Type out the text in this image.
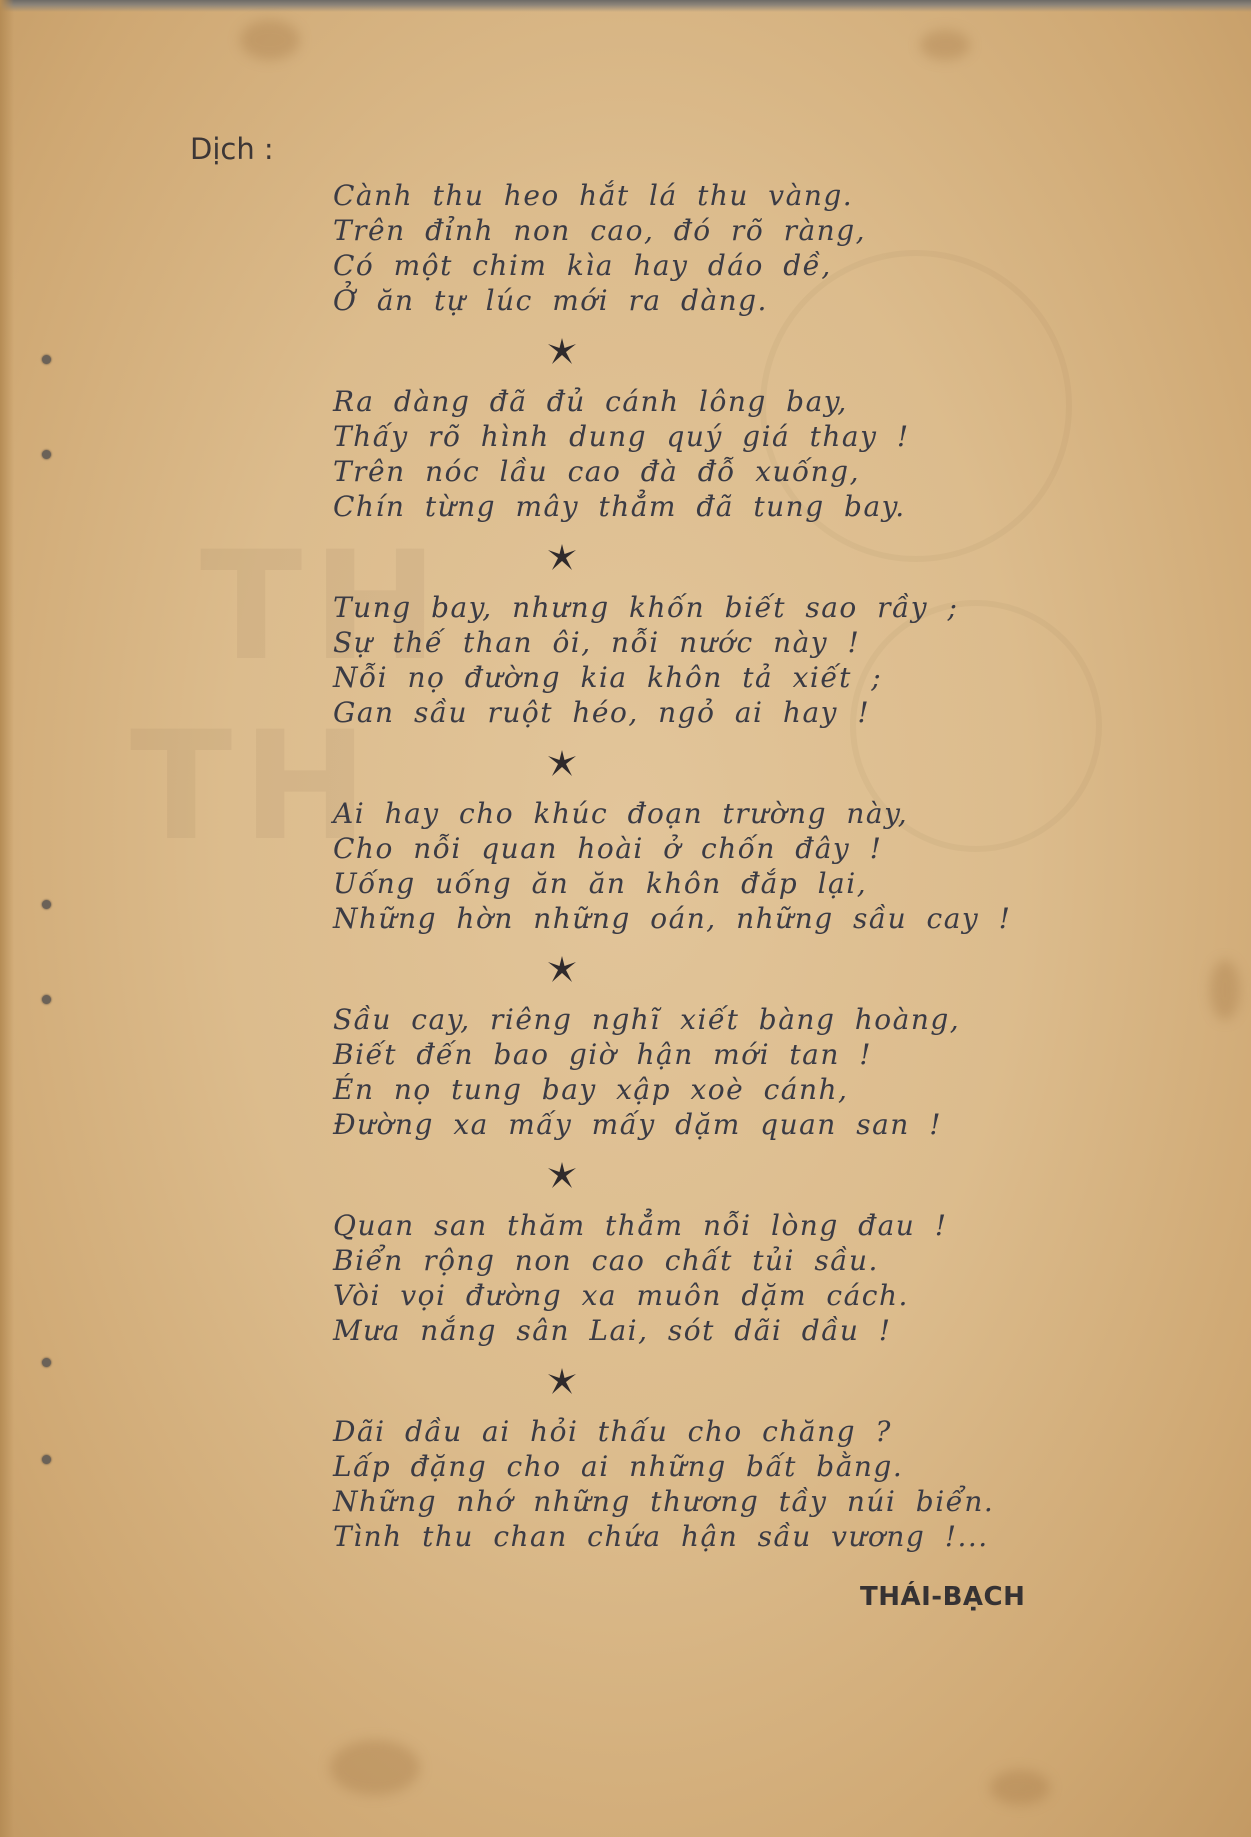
TH
TH
Dịch :
Cành thu heo hắt lá thu vàng.
Trên đỉnh non cao, đó rõ ràng,
Có một chim kìa hay dáo dề,
Ở ăn tự lúc mới ra dàng.
Ra dàng đã đủ cánh lông bay,
Thấy rõ hình dung quý giá thay !
Trên nóc lầu cao đà đỗ xuống,
Chín từng mây thẳm đã tung bay.
Tung bay, nhưng khốn biết sao rầy ;
Sự thế than ôi, nỗi nước này !
Nỗi nọ đường kia khôn tả xiết ;
Gan sầu ruột héo, ngỏ ai hay !
Ai hay cho khúc đoạn trường này,
Cho nỗi quan hoài ở chốn đây !
Uống uống ăn ăn khôn đắp lại,
Những hờn những oán, những sầu cay !
Sầu cay, riêng nghĩ xiết bàng hoàng,
Biết đến bao giờ hận mới tan !
Én nọ tung bay xập xoè cánh,
Đường xa mấy mấy dặm quan san !
Quan san thăm thẳm nỗi lòng đau !
Biển rộng non cao chất tủi sầu.
Vòi vọi đường xa muôn dặm cách.
Mưa nắng sân Lai, sót dãi dầu !
Dãi dầu ai hỏi thấu cho chăng ?
Lấp đặng cho ai những bất bằng.
Những nhớ những thương tầy núi biển.
Tình thu chan chứa hận sầu vương !...

THÁI-BẠCH
